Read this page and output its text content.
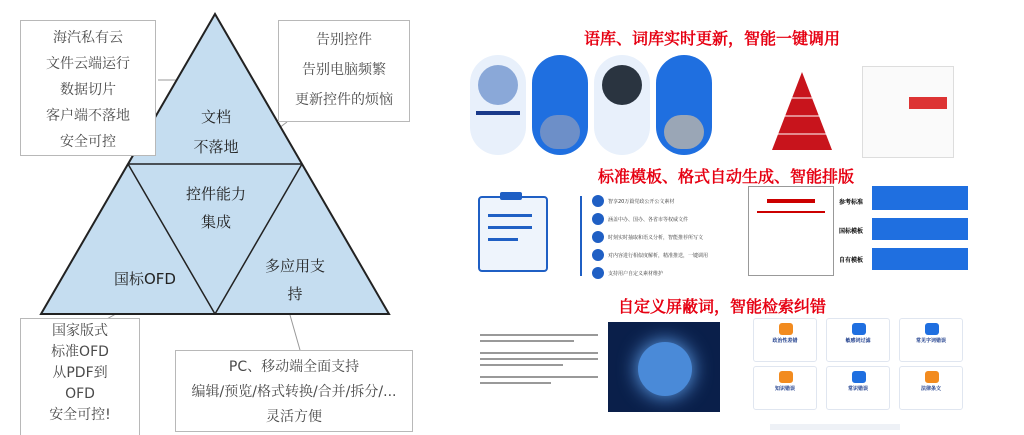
海汽私有云
文件云端运行
数据切片
客户端不落地
安全可控
告别控件
告别电脑频繁
更新控件的烦恼
国家版式
标准OFD
从PDF到
OFD
安全可控!
PC、移动端全面支持
编辑/预览/格式转换/合并/拆分/...
灵活方便
文档
不落地
控件能力
集成
国标OFD
多应用支
持
语库、词库实时更新，智能一键调用
标准模板、格式自动生成、智能排版
智享20万篇党政公开公文素材
涵盖中办、国办、各省市等权威文件
时刻实时抽取和语义分析，智能推荐所写文
对内容进行相似度解析，精准推送，一键调用
支持用户自定义素材维护
参考标准
国标模板
自有模板
自定义屏蔽词，智能检索纠错
政治性差错	敏感词过滤	常见字词错误
知识错误	常识错误	法律条文
